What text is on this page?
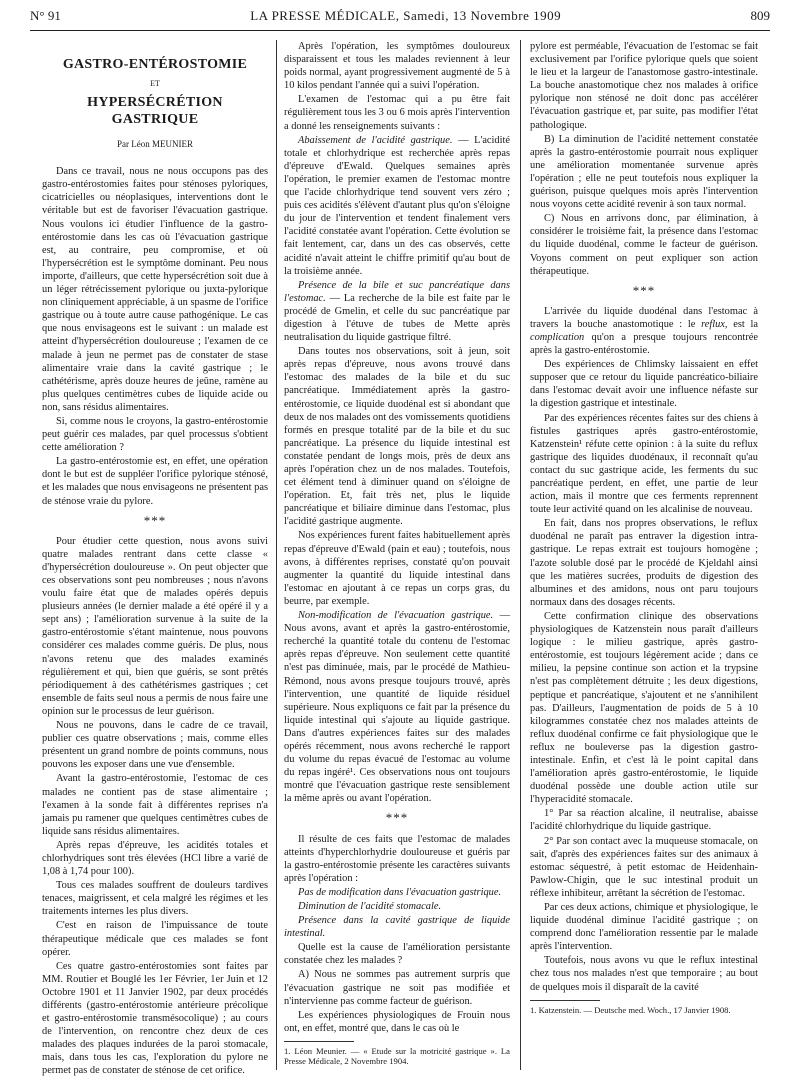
N° 91	LA PRESSE MÉDICALE, Samedi, 13 Novembre 1909	809
GASTRO-ENTÉROSTOMIE
ET
HYPERSÉCRÉTION GASTRIQUE
Par Léon MEUNIER

Dans ce travail, nous ne nous occupons pas des gastro-entérostomies faites pour sténoses pyloriques, cicatricielles ou néoplasiques, interventions dont le véritable but est de favoriser l'évacuation gastrique. Nous voulons ici étudier l'influence de la gastro-entérostomie dans les cas où l'évacuation gastrique est, au contraire, peu compromise, et où l'hypersécrétion est le symptôme dominant. Peu nous importe, d'ailleurs, que cette hypersécrétion soit due à un léger rétrécissement pylorique ou juxta-pylorique non cliniquement appréciable, à un spasme de l'orifice gastrique ou à toute autre cause pathogénique. Le cas que nous envisageons est le suivant : un malade est atteint d'hypersécrétion douloureuse ; l'examen de ce malade à jeun ne permet pas de constater de stase alimentaire vraie dans la cavité gastrique ; le cathétérisme, après douze heures de jeûne, ramène au plus quelques centimètres cubes de liquide acide ou non, sans résidus alimentaires.

Si, comme nous le croyons, la gastro-entérostomie peut guérir ces malades, par quel processus s'obtient cette amélioration ?

La gastro-entérostomie est, en effet, une opération dont le but est de suppléer l'orifice pylorique sténosé, et les malades que nous envisageons ne présentent pas de sténose vraie du pylore.

***

Pour étudier cette question, nous avons suivi quatre malades rentrant dans cette classe « d'hypersécrétion douloureuse ». On peut objecter que ces observations sont peu nombreuses ; nous n'avons voulu faire état que de malades opérés depuis plusieurs années (le dernier malade a été opéré il y a sept ans) ; l'amélioration survenue à la suite de la gastro-entérostomie s'étant maintenue, nous pouvons considérer ces malades comme guéris. De plus, nous n'avons retenu que des malades examinés régulièrement et qui, bien que guéris, se sont prêtés périodiquement à des cathétérismes gastriques ; cet ensemble de faits seul nous a permis de nous faire une opinion sur le processus de leur guérison.

Nous ne pouvons, dans le cadre de ce travail, publier ces quatre observations ; mais, comme elles présentent un grand nombre de points communs, nous pouvons les exposer dans une vue d'ensemble.

Avant la gastro-entérostomie, l'estomac de ces malades ne contient pas de stase alimentaire ; l'examen à la sonde fait à différentes reprises n'a jamais pu ramener que quelques centimètres cubes de liquide sans résidus alimentaires.

Après repas d'épreuve, les acidités totales et chlorhydriques sont très élevées (HCl libre a varié de 1,08 à 1,74 pour 100).

Tous ces malades souffrent de douleurs tardives tenaces, maigrissent, et cela malgré les régimes et les traitements internes les plus divers.

C'est en raison de l'impuissance de toute thérapeutique médicale que ces malades se font opérer.

Ces quatre gastro-entérostomies sont faites par MM. Routier et Bouglé les 1er Février, 1er Juin et 12 Octobre 1901 et 11 Janvier 1902, par deux procédés différents (gastro-entérostomie antérieure précolique et gastro-entérostomie transmésocolique) ; au cours de l'intervention, on rencontre chez deux de ces malades des plaques indurées de la paroi stomacale, mais, dans tous les cas, l'exploration du pylore ne permet pas de constater de sténose de cet orifice.

Après l'opération, les symptômes douloureux disparaissent et tous les malades reviennent à leur poids normal, ayant progressivement augmenté de 5 à 10 kilos pendant l'année qui a suivi l'opération.

L'examen de l'estomac qui a pu être fait régulièrement tous les 3 ou 6 mois après l'intervention a donné les renseignements suivants :

Abaissement de l'acidité gastrique. — L'acidité totale et chlorhydrique est recherchée après repas d'épreuve d'Ewald. Quelques semaines après l'opération, le premier examen de l'estomac montre que l'acide chlorhydrique tend souvent vers zéro ; puis ces acidités s'élèvent d'autant plus qu'on s'éloigne du jour de l'intervention et tendent finalement vers l'acidité constatée avant l'opération. Cette évolution se fait lentement, car, dans un des cas observés, cette acidité n'avait atteint le chiffre primitif qu'au bout de la troisième année.

Présence de la bile et suc pancréatique dans l'estomac. — La recherche de la bile est faite par le procédé de Gmelin, et celle du suc pancréatique par digestion à l'étuve de tubes de Mette après neutralisation du liquide gastrique filtré.

Dans toutes nos observations, soit à jeun, soit après repas d'épreuve, nous avons trouvé dans l'estomac des malades de la bile et du suc pancréatique. Immédiatement après la gastro-entérostomie, ce liquide duodénal est si abondant que deux de nos malades ont des vomissements quotidiens formés en presque totalité par de la bile et du suc pancréatique. La présence du liquide intestinal est constatée pendant de longs mois, près de deux ans après l'opération chez un de nos malades. Toutefois, cet élément tend à diminuer quand on s'éloigne de l'opération. Et, fait très net, plus le liquide pancréatique et biliaire diminue dans l'estomac, plus l'acidité gastrique augmente.

Nos expériences furent faites habituellement après repas d'épreuve d'Ewald (pain et eau) ; toutefois, nous avons, à différentes reprises, constaté qu'on pouvait augmenter la quantité du liquide intestinal dans l'estomac en ajoutant à ce repas un corps gras, du beurre, par exemple.

Non-modification de l'évacuation gastrique. — Nous avons, avant et après la gastro-entérostomie, recherché la quantité totale du contenu de l'estomac après repas d'épreuve. Non seulement cette quantité n'est pas diminuée, mais, par le procédé de Mathieu-Rémond, nous avons presque toujours trouvé, après l'intervention, une quantité de liquide résiduel supérieure. Nous expliquons ce fait par la présence du liquide intestinal qui s'ajoute au liquide gastrique. Dans d'autres expériences faites sur des malades opérés récemment, nous avons recherché le rapport du volume du repas évacué de l'estomac au volume du repas ingéré¹. Ces observations nous ont toujours montré que l'évacuation gastrique reste sensiblement la même après ou avant l'opération.

***

Il résulte de ces faits que l'estomac de malades atteints d'hyperchlorhydrie douloureuse et guéris par la gastro-entérostomie présente les caractères suivants après l'opération :

Pas de modification dans l'évacuation gastrique.

Diminution de l'acidité stomacale.

Présence dans la cavité gastrique de liquide intestinal.

Quelle est la cause de l'amélioration persistante constatée chez les malades ?

A) Nous ne sommes pas autrement surpris que l'évacuation gastrique ne soit pas modifiée et n'intervienne pas comme facteur de guérison.

Les expériences physiologiques de Frouin nous ont, en effet, montré que, dans le cas où le

1. Léon Meunier. — « Etude sur la motricité gastrique ». La Presse Médicale, 2 Novembre 1904.

pylore est perméable, l'évacuation de l'estomac se fait exclusivement par l'orifice pylorique quels que soient le lieu et la largeur de l'anastomose gastro-intestinale. La bouche anastomotique chez nos malades à orifice pylorique non sténosé ne doit donc pas accélérer l'évacuation gastrique et, par suite, pas modifier l'état pathologique.

B) La diminution de l'acidité nettement constatée après la gastro-entérostomie pourrait nous expliquer une amélioration momentanée survenue après l'opération ; elle ne peut toutefois nous expliquer la guérison, puisque quelques mois après l'intervention nous voyons cette acidité revenir à son taux normal.

C) Nous en arrivons donc, par élimination, à considérer le troisième fait, la présence dans l'estomac du liquide duodénal, comme le facteur de guérison. Voyons comment on peut expliquer son action thérapeutique.

***

L'arrivée du liquide duodénal dans l'estomac à travers la bouche anastomotique : le reflux, est la complication qu'on a presque toujours rencontrée après la gastro-entérostomie.

Des expériences de Chlimsky laissaient en effet supposer que ce retour du liquide pancréatico-biliaire dans l'estomac devait avoir une influence néfaste sur la digestion gastrique et intestinale.

Par des expériences récentes faites sur des chiens à fistules gastriques après gastro-entérostomie, Katzenstein¹ réfute cette opinion : à la suite du reflux gastrique des liquides duodénaux, il reconnaît qu'au contact du suc gastrique acide, les ferments du suc pancréatique perdent, en effet, une partie de leur action, mais il montre que ces ferments reprennent toute leur activité quand on les alcalinise de nouveau.

En fait, dans nos propres observations, le reflux duodénal ne paraît pas entraver la digestion intra-gastrique. Le repas extrait est toujours homogène ; l'azote soluble dosé par le procédé de Kjeldahl ainsi que les matières sucrées, produits de digestion des albumines et des amidons, nous ont paru toujours normaux dans des dosages récents.

Cette confirmation clinique des observations physiologiques de Katzenstein nous paraît d'ailleurs logique : le milieu gastrique, après gastro-entérostomie, est toujours légèrement acide ; dans ce milieu, la pepsine continue son action et la trypsine n'est pas complètement détruite ; les deux digestions, peptique et pancréatique, s'ajoutent et ne s'annihilent pas. D'ailleurs, l'augmentation de poids de 5 à 10 kilogrammes constatée chez nos malades atteints de reflux duodénal confirme ce fait physiologique que le reflux ne bouleverse pas la digestion gastro-intestinale. Enfin, et c'est là le point capital dans l'amélioration après gastro-entérostomie, le liquide duodénal possède une double action utile sur l'hyperacidité stomacale.

1° Par sa réaction alcaline, il neutralise, abaisse l'acidité chlorhydrique du liquide gastrique.

2° Par son contact avec la muqueuse stomacale, on sait, d'après des expériences faites sur des animaux à estomac séquestré, à petit estomac de Heidenhain-Pawlow-Chigin, que le suc intestinal produit un réflexe inhibiteur, arrêtant la sécrétion de l'estomac.

Par ces deux actions, chimique et physiologique, le liquide duodénal diminue l'acidité gastrique ; on comprend donc l'amélioration ressentie par le malade après l'intervention.

Toutefois, nous avons vu que le reflux intestinal chez tous nos malades n'est que temporaire ; au bout de quelques mois il disparaît de la cavité

1. Katzenstein. — Deutsche med. Woch., 17 Janvier 1908.
